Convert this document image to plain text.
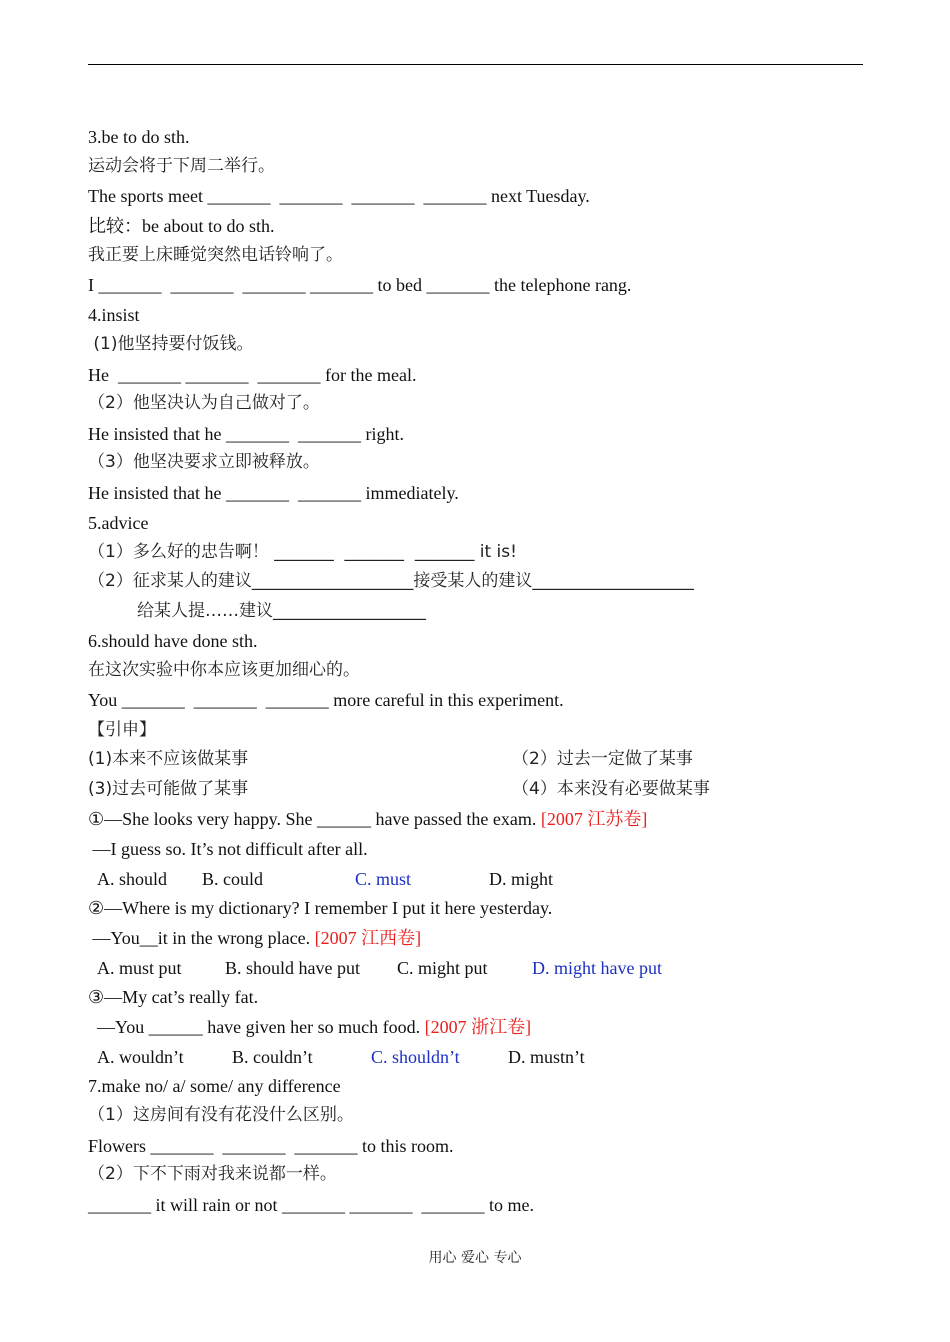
3.be to do sth.
运动会将于下周二举行。
The sports meet _______  _______  _______  _______ next Tuesday.
比较：be about to do sth.
我正要上床睡觉突然电话铃响了。
I _______  _______  _______ _______ to bed _______ the telephone rang.
4.insist
(1)他坚持要付饭钱。
He  _______ _______  _______ for the meal.
（2）他坚决认为自己做对了。
He insisted that he _______  _______ right.
（3）他坚决要求立即被释放。
He insisted that he _______  _______ immediately.
5.advice
（1）多么好的忠告啊！ _______  _______  _______ it is!
（2）征求某人的建议___________________接受某人的建议___________________
给某人提……建议__________________
6.should have done sth.
在这次实验中你本应该更加细心的。
You _______  _______  _______ more careful in this experiment.
【引申】
(1)本来不应该做某事	（2）过去一定做了某事
(3)过去可能做了某事	（4）本来没有必要做某事
①—She looks very happy. She ______ have passed the exam. [2007 江苏卷]
—I guess so. It’s not difficult after all.
A. should B. could	C. must	D. might
②—Where is my dictionary? I remember I put it here yesterday.
—You__it in the wrong place. [2007 江西卷]
A. must put B. should have put C. might put D. might have put
③—My cat’s really fat.
—You ______ have given her so much food. [2007 浙江卷]
A. wouldn’t	B. couldn’t	C. shouldn’t	D. mustn’t
7.make no/ a/ some/ any difference
（1）这房间有没有花没什么区别。
Flowers _______  _______  _______ to this room.
（2）下不下雨对我来说都一样。
_______ it will rain or not _______ _______  _______ to me.
用心 爱心 专心
